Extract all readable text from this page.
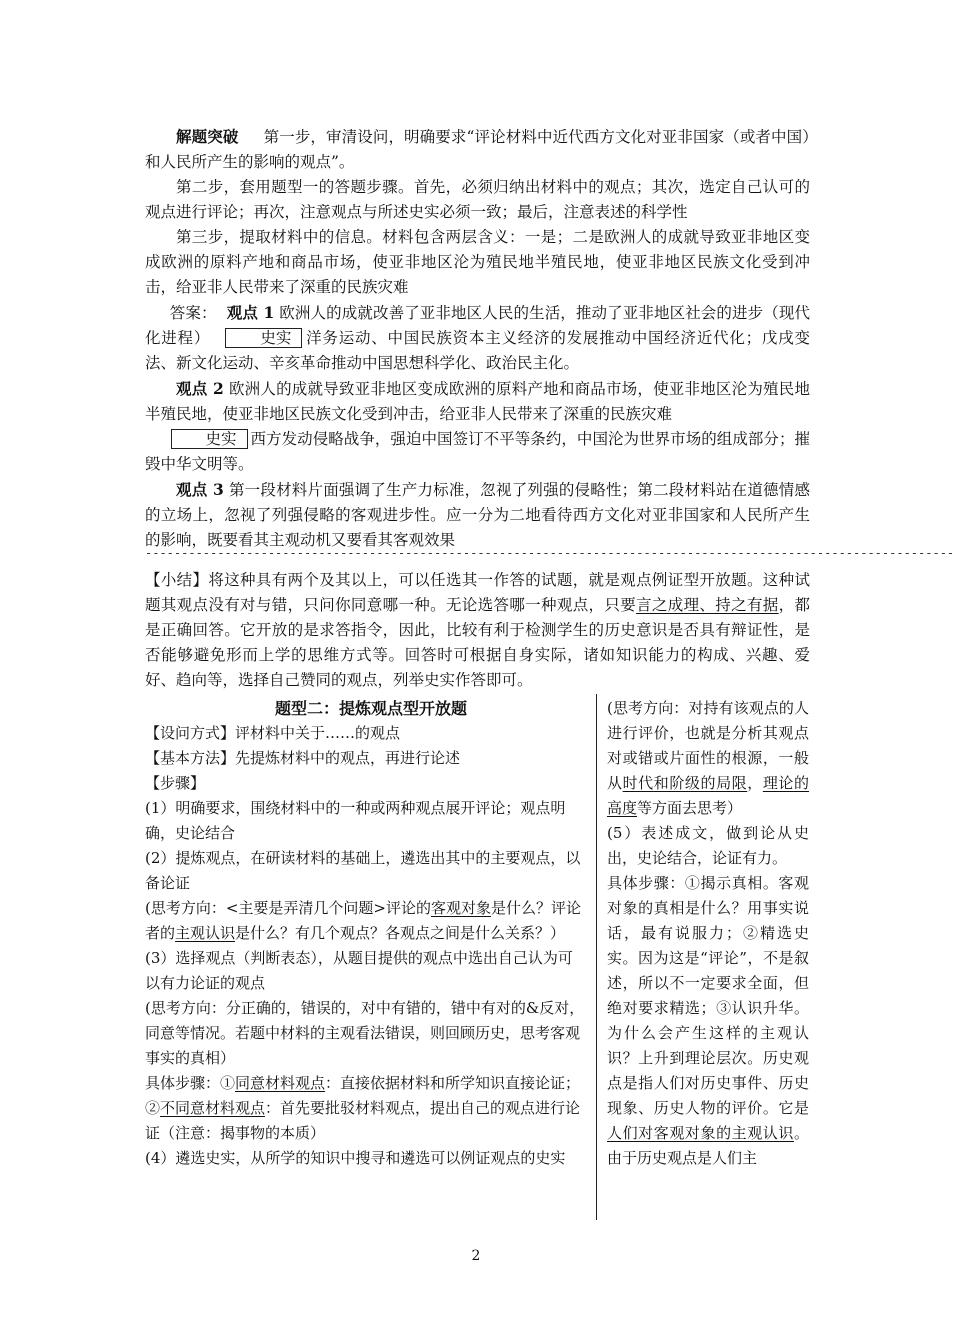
解题突破 第一步，审清设问，明确要求“评论材料中近代西方文化对亚非国家（或者中国）和人民所产生的影响的观点”。

第二步，套用题型一的答题步骤。首先，必须归纳出材料中的观点；其次，选定自己认可的观点进行评论；再次，注意观点与所述史实必须一致；最后，注意表述的科学性

第三步，提取材料中的信息。材料包含两层含义：一是；二是欧洲人的成就导致亚非地区变成欧洲的原料产地和商品市场，使亚非地区沦为殖民地半殖民地，使亚非地区民族文化受到冲击，给亚非人民带来了深重的民族灾难

答案： 观点 1 欧洲人的成就改善了亚非地区人民的生活，推动了亚非地区社会的进步（现代化进程）	史实 洋务运动、中国民族资本主义经济的发展推动中国经济近代化；戊戌变法、新文化运动、辛亥革命推动中国思想科学化、政治民主化。

观点 2 欧洲人的成就导致亚非地区变成欧洲的原料产地和商品市场，使亚非地区沦为殖民地半殖民地，使亚非地区民族文化受到冲击，给亚非人民带来了深重的民族灾难

史实 西方发动侵略战争，强迫中国签订不平等条约，中国沦为世界市场的组成部分；摧毁中华文明等。

观点 3 第一段材料片面强调了生产力标准，忽视了列强的侵略性；第二段材料站在道德情感的立场上，忽视了列强侵略的客观进步性。应一分为二地看待西方文化对亚非国家和人民所产生的影响，既要看其主观动机又要看其客观效果

----------------------------------------------------------------------------------------------------------------
【小结】将这种具有两个及其以上，可以任选其一作答的试题，就是观点例证型开放题。这种试题其观点没有对与错，只问你同意哪一种。无论选答哪一种观点，只要言之成理、持之有据，都是正确回答。它开放的是求答指令，因此，比较有利于检测学生的历史意识是否具有辩证性，是否能够避免形而上学的思维方式等。回答时可根据自身实际，诸如知识能力的构成、兴趣、爱好、趋向等，选择自己赞同的观点，列举史实作答即可。
题型二：提炼观点型开放题
【设问方式】评材料中关于……的观点
【基本方法】先提炼材料中的观点，再进行论述
【步骤】
(1）明确要求，围绕材料中的一种或两种观点展开评论；观点明确，史论结合
(2）提炼观点，在研读材料的基础上，遴选出其中的主要观点，以备论证
(思考方向：<主要是弄清几个问题>评论的客观对象是什么？评论者的主观认识是什么？有几个观点？各观点之间是什么关系？）
(3）选择观点（判断表态），从题目提供的观点中选出自己认为可以有力论证的观点
(思考方向：分正确的，错误的，对中有错的，错中有对的&反对，同意等情况。若题中材料的主观看法错误，则回顾历史，思考客观事实的真相）
具体步骤：①同意材料观点：直接依据材料和所学知识直接论证；②不同意材料观点：首先要批驳材料观点，提出自己的观点进行论证（注意：揭事物的本质）
(4）遴选史实，从所学的知识中搜寻和遴选可以例证观点的史实
(思考方向：对持有该观点的人进行评价，也就是分析其观点对或错或片面性的根源，一般从时代和阶级的局限，理论的高度等方面去思考）
(5）表述成文，做到论从史出，史论结合，论证有力。
具体步骤：①揭示真相。客观对象的真相是什么？用事实说话，最有说服力；②精选史实。因为这是“评论”，不是叙述，所以不一定要求全面，但绝对要求精选；③认识升华。为什么会产生这样的主观认识？上升到理论层次。历史观点是指人们对历史事件、历史现象、历史人物的评价。它是人们对客观对象的主观认识。由于历史观点是人们主
2
